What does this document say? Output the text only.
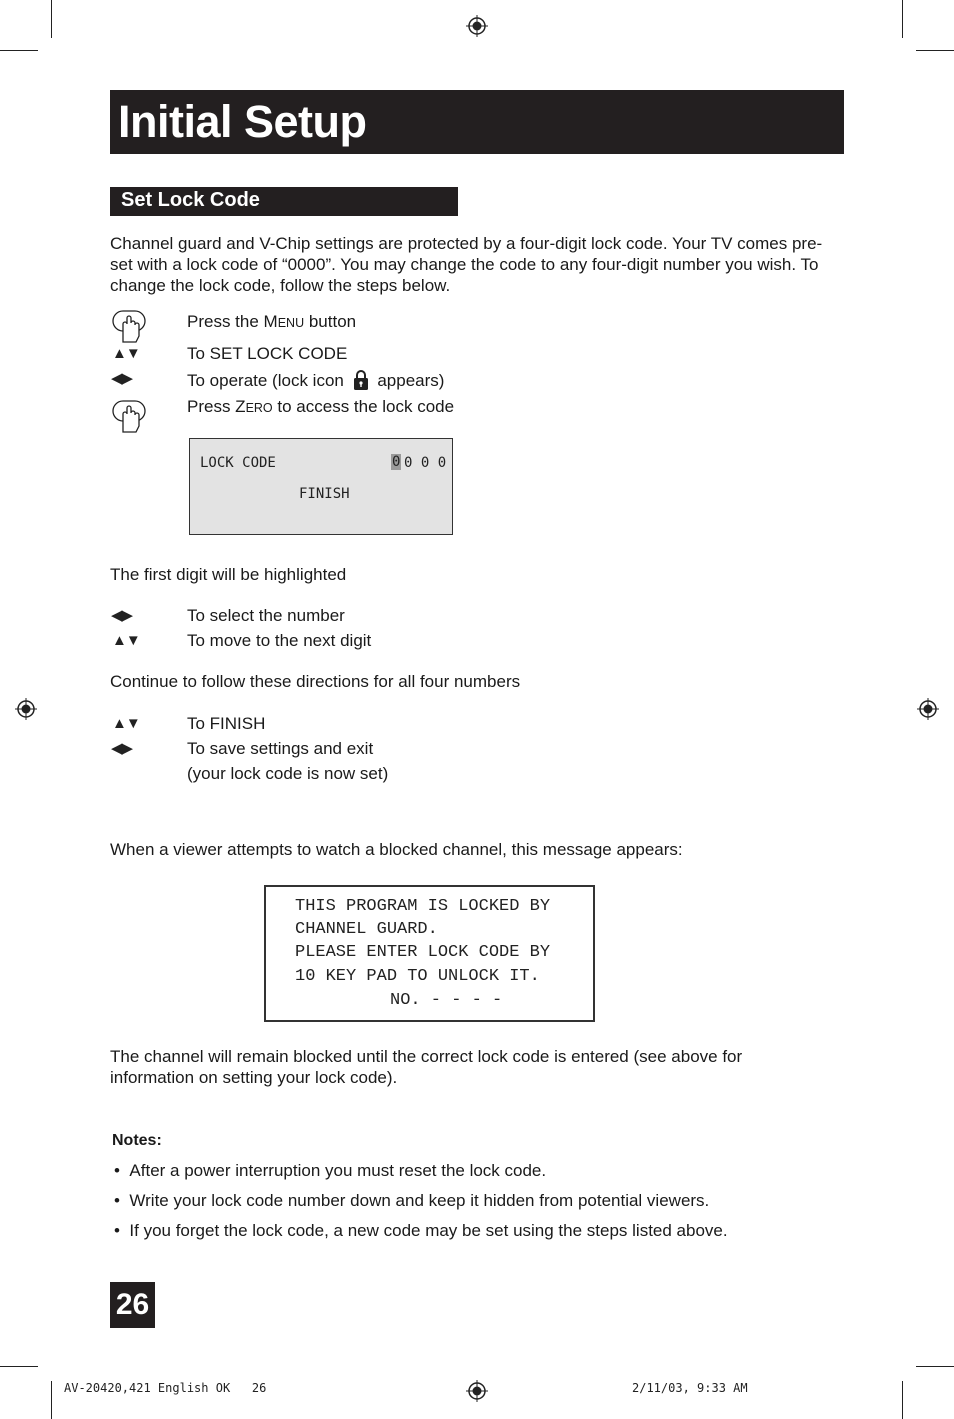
Initial Setup
Set Lock Code
Channel guard and V-Chip settings are protected by a four-digit lock code. Your TV comes pre-set with a lock code of “0000”. You may change the code to any four-digit number you wish. To change the lock code, follow the steps below.
Press the MENU button
▲▼	To SET LOCK CODE
◀▶	To operate (lock icon appears)
Press ZERO to access the lock code
LOCK CODE	0 0 0 0
FINISH
The first digit will be highlighted
◀▶	To select the number
▲▼	To move to the next digit
Continue to follow these directions for all four numbers
▲▼	To FINISH
◀▶	To save settings and exit
(your lock code is now set)
When a viewer attempts to watch a blocked channel, this message appears:
THIS PROGRAM IS LOCKED BY
CHANNEL GUARD.
PLEASE ENTER LOCK CODE BY
10 KEY PAD TO UNLOCK IT.
NO. - - - -
The channel will remain blocked until the correct lock code is entered (see above for information on setting your lock code).
Notes:
•  After a power interruption you must reset the lock code.
•  Write your lock code number down and keep it hidden from potential viewers.
•  If you forget the lock code, a new code may be set using the steps listed above.
26
AV-20420,421 English OK   26	2/11/03, 9:33 AM
